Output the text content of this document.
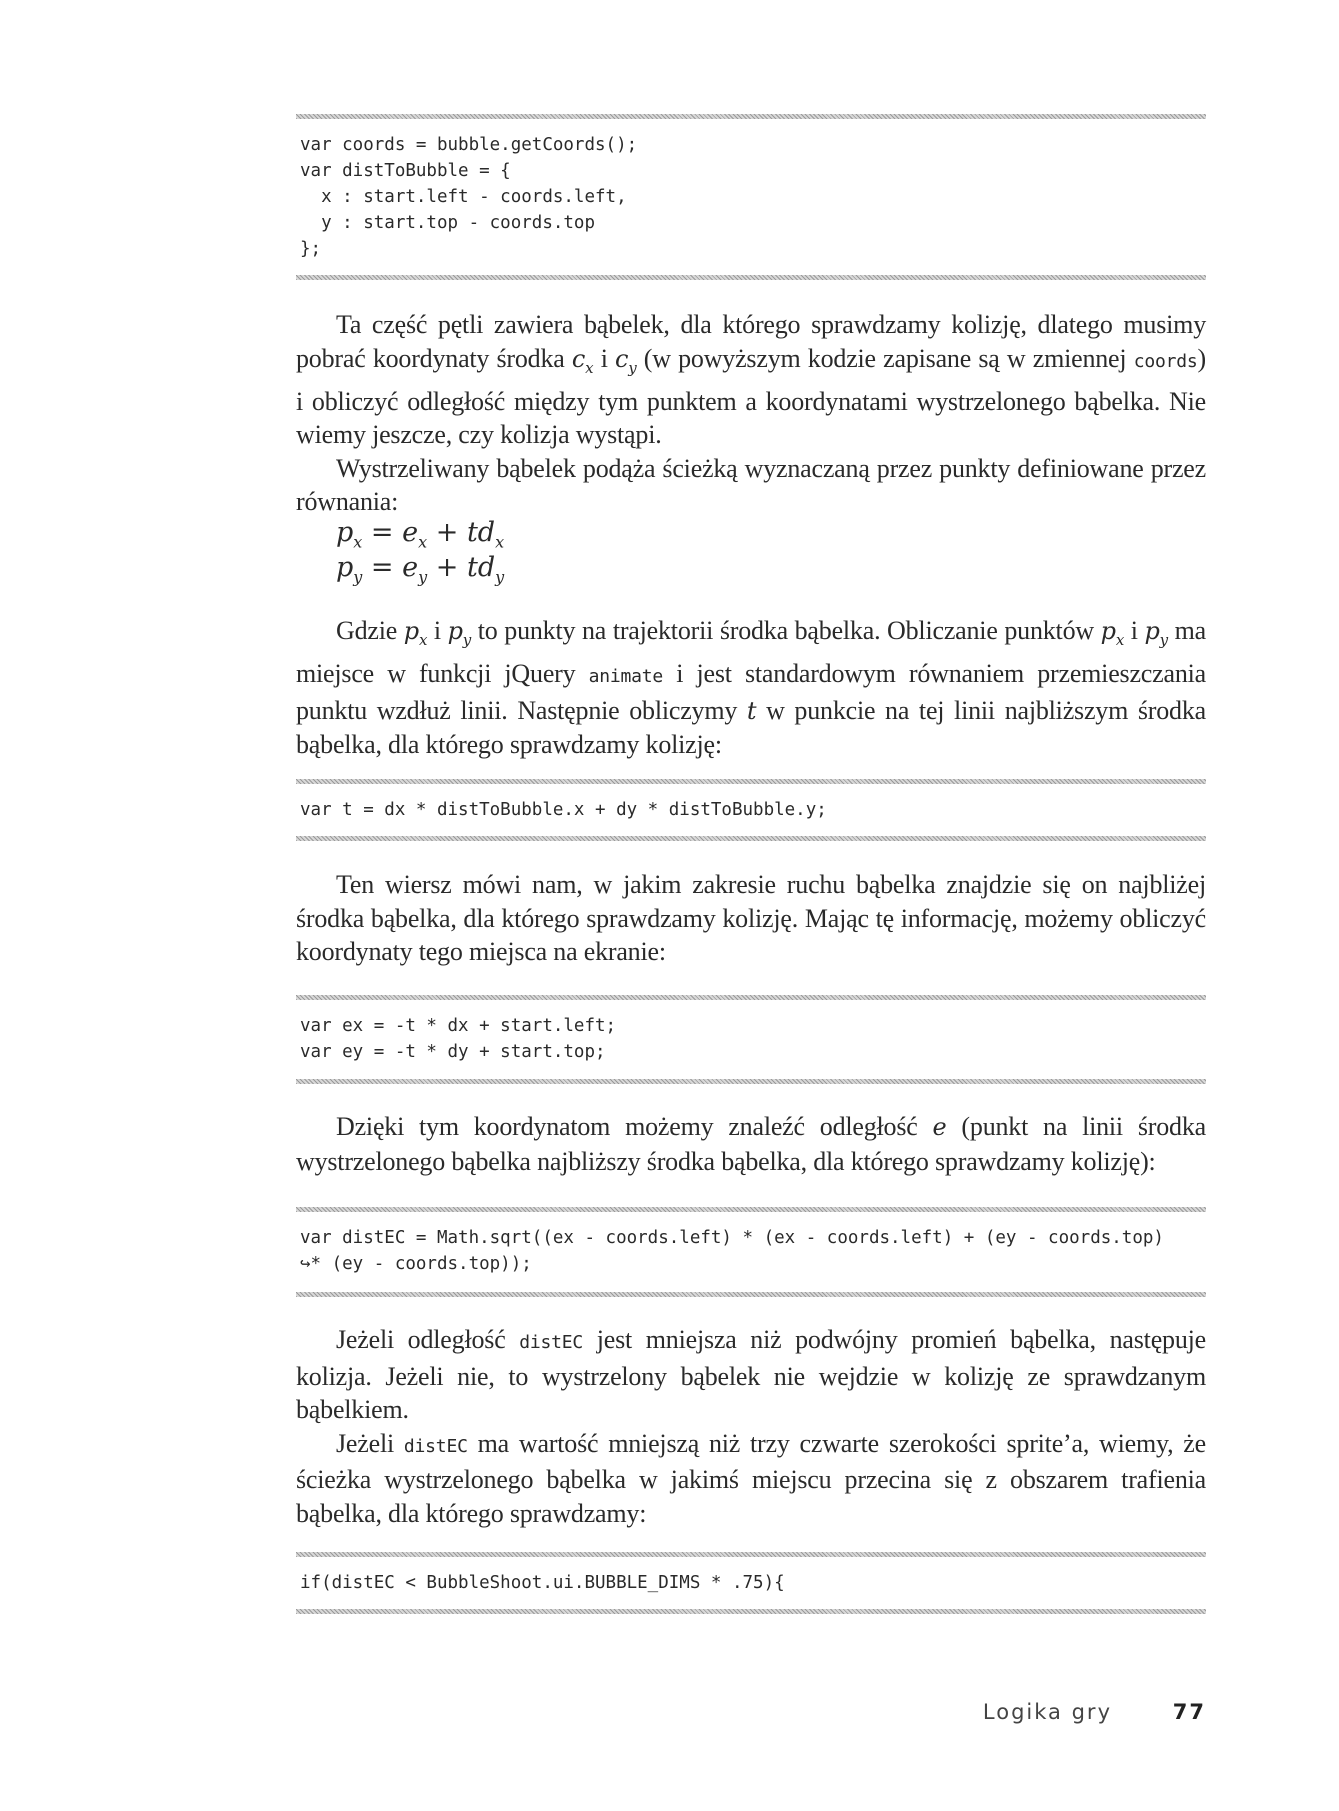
var coords = bubble.getCoords();
var distToBubble = {
x : start.left - coords.left,
y : start.top - coords.top
};

Ta część pętli zawiera bąbelek, dla którego sprawdzamy kolizję, dlatego musimy pobrać koordynaty środka $c_x$ i $c_y$ (w powyższym kodzie zapisane są w zmiennej coords) i obliczyć odległość między tym punktem a koordynatami wystrzelonego bąbelka. Nie wiemy jeszcze, czy kolizja wystąpi.

Wystrzeliwany bąbelek podąża ścieżką wyznaczaną przez punkty definiowane przez równania:

$p_x = e_x + td_x$
$p_y = e_y + td_y$

Gdzie $p_x$ i $p_y$ to punkty na trajektorii środka bąbelka. Obliczanie punktów $p_x$ i $p_y$ ma miejsce w funkcji jQuery animate i jest standardowym równaniem przemieszczania punktu wzdłuż linii. Następnie obliczymy t w punkcie na tej linii najbliższym środka bąbelka, dla którego sprawdzamy kolizję:

var t = dx * distToBubble.x + dy * distToBubble.y;

Ten wiersz mówi nam, w jakim zakresie ruchu bąbelka znajdzie się on najbliżej środka bąbelka, dla którego sprawdzamy kolizję. Mając tę informację, możemy obliczyć koordynaty tego miejsca na ekranie:

var ex = -t * dx + start.left;
var ey = -t * dy + start.top;

Dzięki tym koordynatom możemy znaleźć odległość e (punkt na linii środka wystrzelonego bąbelka najbliższy środka bąbelka, dla którego sprawdzamy kolizję):

var distEC = Math.sqrt((ex - coords.left) * (ex - coords.left) + (ey - coords.top)
↪* (ey - coords.top));

Jeżeli odległość distEC jest mniejsza niż podwójny promień bąbelka, następuje kolizja. Jeżeli nie, to wystrzelony bąbelek nie wejdzie w kolizję ze sprawdzanym bąbelkiem.

Jeżeli distEC ma wartość mniejszą niż trzy czwarte szerokości sprite’a, wiemy, że ścieżka wystrzelonego bąbelka w jakimś miejscu przecina się z obszarem trafienia bąbelka, dla którego sprawdzamy:

if(distEC < BubbleShoot.ui.BUBBLE_DIMS * .75){
Logika gry	77
